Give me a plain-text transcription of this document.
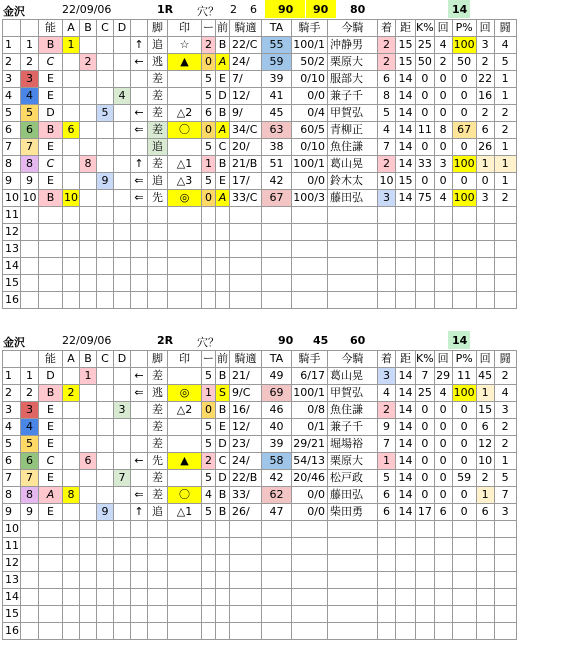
金沢	22/09/06	1R 穴？ 2 6 90 90 80	14
		能	A	B	C	D		脚	印	ー	前	騎適	TA	騎手	今騎	着	距	K%	回	P%	回	闘
1	1	B	1				↑	追	☆	2	B	22/C	55	100/1	沖静男	2	15	25	4	100	3	4
2	2	C		2			←	逃	▲	0	A	24/	59	50/2	栗原大	2	15	50	2	50	2	5
3	3	E						差		5	E	7/	39	0/10	服部大	6	14	0	0	0	22	1
4	4	E				4		差		5	D	12/	41	0/0	兼子千	8	14	0	0	0	16	1
5	5	D			5		←	差	△2	6	B	9/	45	0/4	甲賀弘	5	14	0	0	0	2	2
6	6	B	6				⇐	差	〇	0	A	34/C	63	60/5	青柳正	4	14	11	8	67	6	2
7	7	E						追		5	C	20/	38	0/10	魚住謙	7	14	0	0	0	26	1
8	8	C		8			↑	差	△1	1	B	21/B	51	100/1	葛山晃	2	14	33	3	100	1	1
9	9	E			9		⇐	追	△3	5	E	17/	42	0/0	鈴木太	10	15	0	0	0	0	1
10	10	B	10				⇐	先	◎	0	A	33/C	67	100/3	藤田弘	3	14	75	4	100	3	2
11																						
12																						
13																						
14																						
15																						
16																						
金沢	22/09/06	2R 穴？	90 45 60	14
		能	A	B	C	D		脚	印	ー	前	騎適	TA	騎手	今騎	着	距	K%	回	P%	回	闘
1	1	D		1			←	差		5	B	21/	49	6/17	葛山晃	3	14	7	29	11	45	2
2	2	B	2				⇐	逃	◎	1	S	9/C	69	100/1	甲賀弘	4	14	25	4	100	1	4
3	3	E				3		差	△2	0	B	16/	46	0/8	魚住謙	2	14	0	0	0	15	3
4	4	E						差		5	E	12/	40	0/1	兼子千	9	14	0	0	0	6	2
5	5	E						差		5	D	23/	39	29/21	堀場裕	7	14	0	0	0	12	2
6	6	C		6			←	先	▲	2	C	24/	58	54/13	栗原大	1	14	0	0	0	10	1
7	7	E				7		差		5	D	22/B	42	20/46	松戸政	5	14	0	0	59	2	5
8	8	A	8				⇐	差	〇	4	B	33/	62	0/0	藤田弘	6	14	0	0	0	1	7
9	9	E			9		↑	追	△1	5	B	26/	47	0/0	柴田勇	6	14	17	6	0	6	3
10																						
11																						
12																						
13																						
14																						
15																						
16																						
